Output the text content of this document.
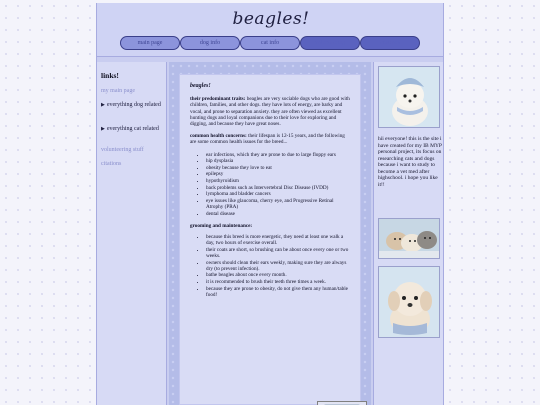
beagles!
main page	dog info	cat info	volunteering	citations
links!
my main page
▶ everything dog related
▶ everything cat related
volunteering stuff
citations
beagles!
their predominant traits: beagles are very sociable dogs who are good with children, families, and other dogs. they have lots of energy, are barky and vocal, and prone to separation anxiety. they are often viewed as excellent hunting dogs and loyal companions due to their love for exploring and digging, and because they have great noses.
common health concerns: their lifespan is 12-15 years, and the following are some common health issues for the breed...
• ear infections, which they are prone to due to large floppy ears
• hip dysplasia
• obesity because they love to eat
• epilepsy
• hypothyroidism
• back problems such as Intervertebral Disc Disease (IVDD)
• lymphoma and bladder cancers
• eye issues like glaucoma, cherry eye, and Progressive Retinal Atrophy (PRA)
• dental disease
grooming and maintenance:
• because this breed is more energetic, they need at least one walk a day, two hours of exercise overall.
• their coats are short, so brushing can be about once every one or two weeks.
• owners should clean their ears weekly, making sure they are always dry (to prevent infection).
• bathe beagles about once every month.
• it is recommended to brush their teeth three times a week.
• because they are prone to obesity, do not give them any human/table food!
hii everyone! this is the site i have created for my IB MYP personal project, its focus on researching cats and dogs because i want to study to become a vet med after highschool. i hope you like it!!
